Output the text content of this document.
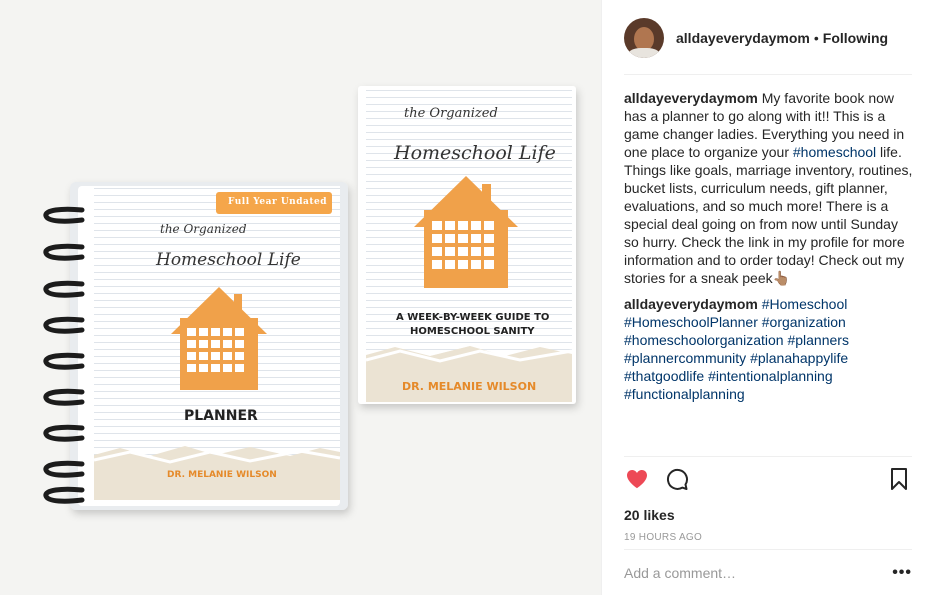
Full Year Undated
the Organized
Homeschool Life
PLANNER
DR. MELANIE WILSON
the Organized
Homeschool Life
A WEEK-BY-WEEK GUIDE TO
HOMESCHOOL SANITY
DR. MELANIE WILSON
alldayeverydaymom • Following

alldayeverydaymom My favorite book now has a planner to go along with it!! This is a game changer ladies. Everything you need in one place to organize your #homeschool life. Things like goals, marriage inventory, routines, bucket lists, curriculum needs, gift planner, evaluations, and so much more! There is a special deal going on from now until Sunday so hurry. Check the link in my profile for more information and to order today! Check out my stories for a sneak peek👆🏽

alldayeverydaymom #Homeschool #HomeschoolPlanner #organization #homeschoolorganization #planners #plannercommunity #planahappylife #thatgoodlife #intentionalplanning #functionalplanning

20 likes
19 HOURS AGO
Add a comment…
•••
